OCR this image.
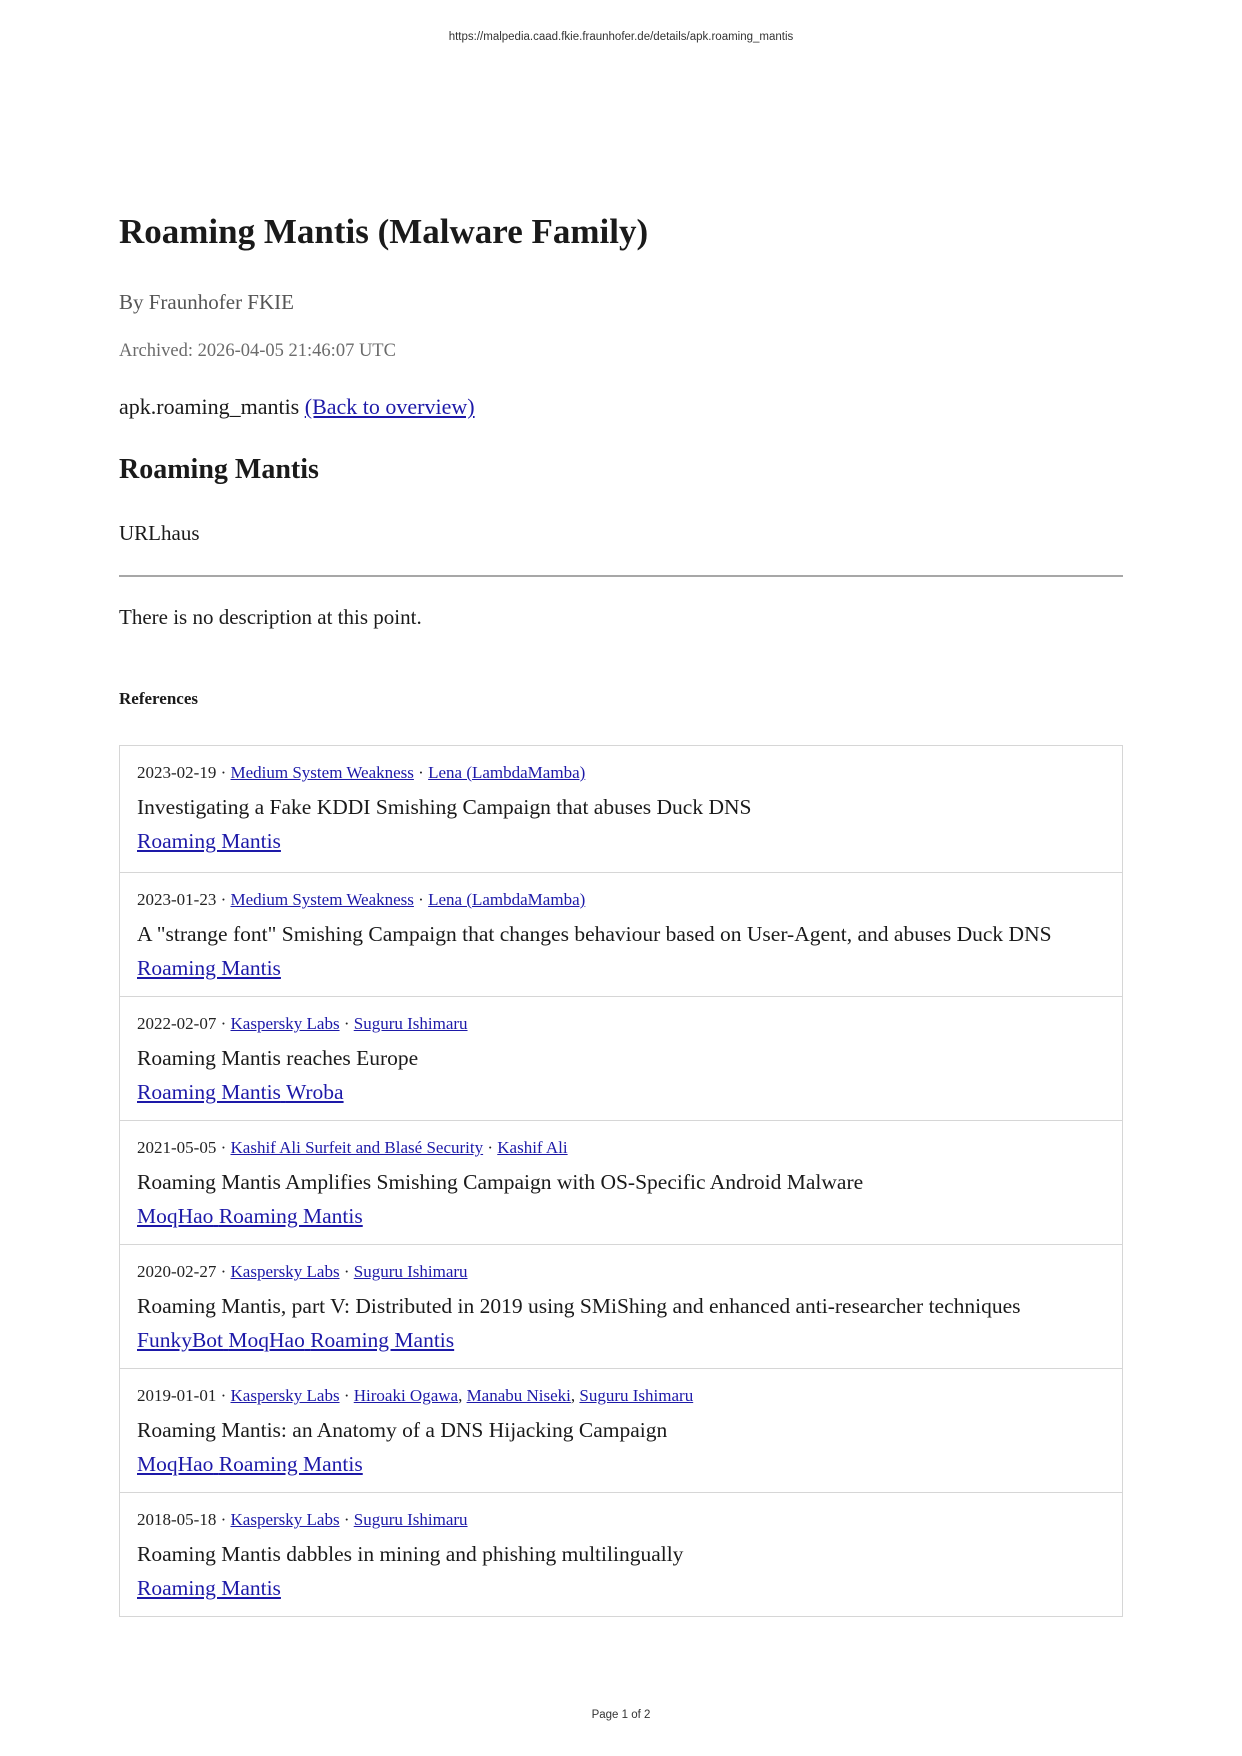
https://malpedia.caad.fkie.fraunhofer.de/details/apk.roaming_mantis
Roaming Mantis (Malware Family)
By Fraunhofer FKIE
Archived: 2026-04-05 21:46:07 UTC
apk.roaming_mantis (Back to overview)
Roaming Mantis
URLhaus
There is no description at this point.
References
2023-02-19 · Medium System Weakness · Lena (LambdaMamba)
Investigating a Fake KDDI Smishing Campaign that abuses Duck DNS
Roaming Mantis
2023-01-23 · Medium System Weakness · Lena (LambdaMamba)
A "strange font" Smishing Campaign that changes behaviour based on User-Agent, and abuses Duck DNS
Roaming Mantis
2022-02-07 · Kaspersky Labs · Suguru Ishimaru
Roaming Mantis reaches Europe
Roaming Mantis Wroba
2021-05-05 · Kashif Ali Surfeit and Blasé Security · Kashif Ali
Roaming Mantis Amplifies Smishing Campaign with OS-Specific Android Malware
MoqHao Roaming Mantis
2020-02-27 · Kaspersky Labs · Suguru Ishimaru
Roaming Mantis, part V: Distributed in 2019 using SMiShing and enhanced anti-researcher techniques
FunkyBot MoqHao Roaming Mantis
2019-01-01 · Kaspersky Labs · Hiroaki Ogawa, Manabu Niseki, Suguru Ishimaru
Roaming Mantis: an Anatomy of a DNS Hijacking Campaign
MoqHao Roaming Mantis
2018-05-18 · Kaspersky Labs · Suguru Ishimaru
Roaming Mantis dabbles in mining and phishing multilingually
Roaming Mantis
Page 1 of 2
